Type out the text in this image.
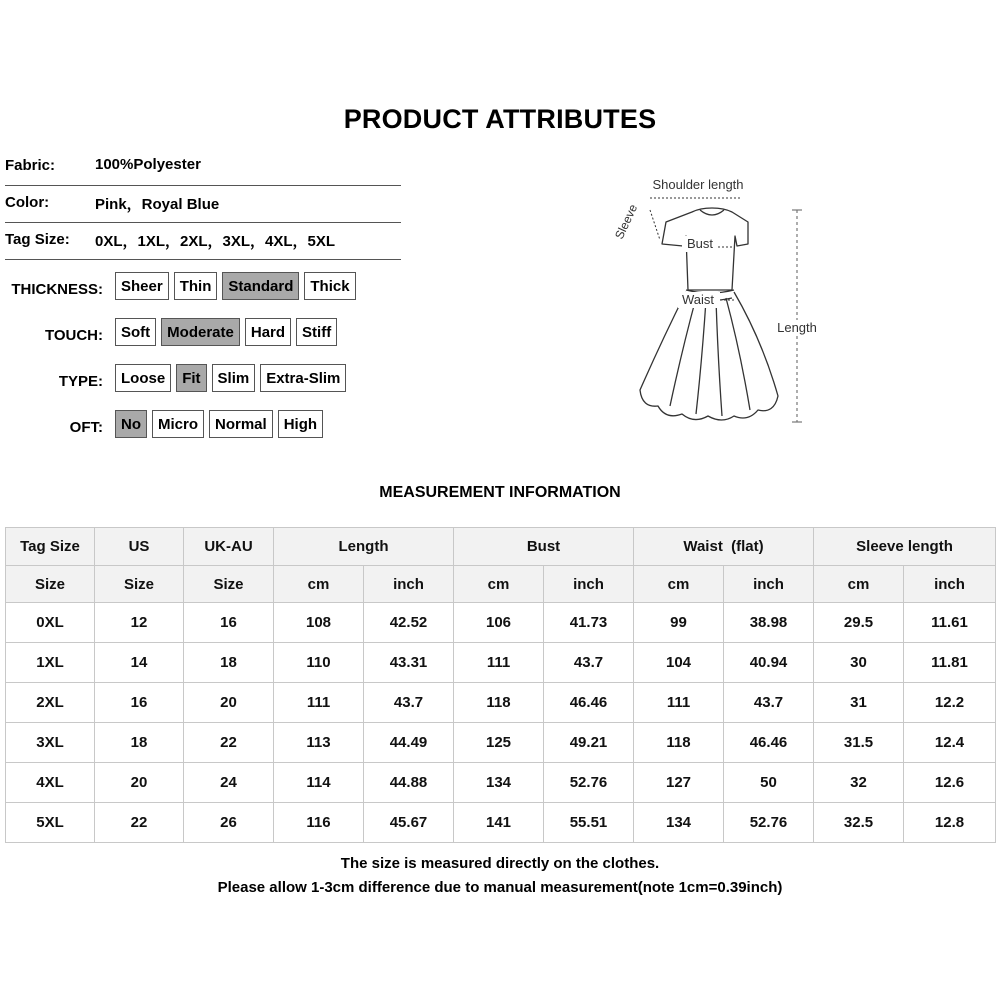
PRODUCT ATTRIBUTES
Fabric:	100%Polyester
Color:	Pink，Royal Blue
Tag Size: 0XL，1XL，2XL，3XL，4XL，5XL
THICKNESS:	Sheer	Thin	Standard	Thick
TOUCH:	Soft	Moderate	Hard	Stiff
TYPE:	Loose	Fit	Slim	Extra-Slim
OFT:	No	Micro	Normal	High
Shoulder length
Sleeve
Bust
Waist
Length
MEASUREMENT INFORMATION
Tag Size	US	UK-AU	Length		Bust		Waist  (flat)		Sleeve length	
Size	Size	Size	cm	inch	cm	inch	cm	inch	cm	inch
0XL	12	16	108	42.52	106	41.73	99	38.98	29.5	11.61
1XL	14	18	110	43.31	111	43.7	104	40.94	30	11.81
2XL	16	20	111	43.7	118	46.46	111	43.7	31	12.2
3XL	18	22	113	44.49	125	49.21	118	46.46	31.5	12.4
4XL	20	24	114	44.88	134	52.76	127	50	32	12.6
5XL	22	26	116	45.67	141	55.51	134	52.76	32.5	12.8
The size is measured directly on the clothes.
Please allow 1-3cm difference due to manual measurement(note 1cm=0.39inch)
